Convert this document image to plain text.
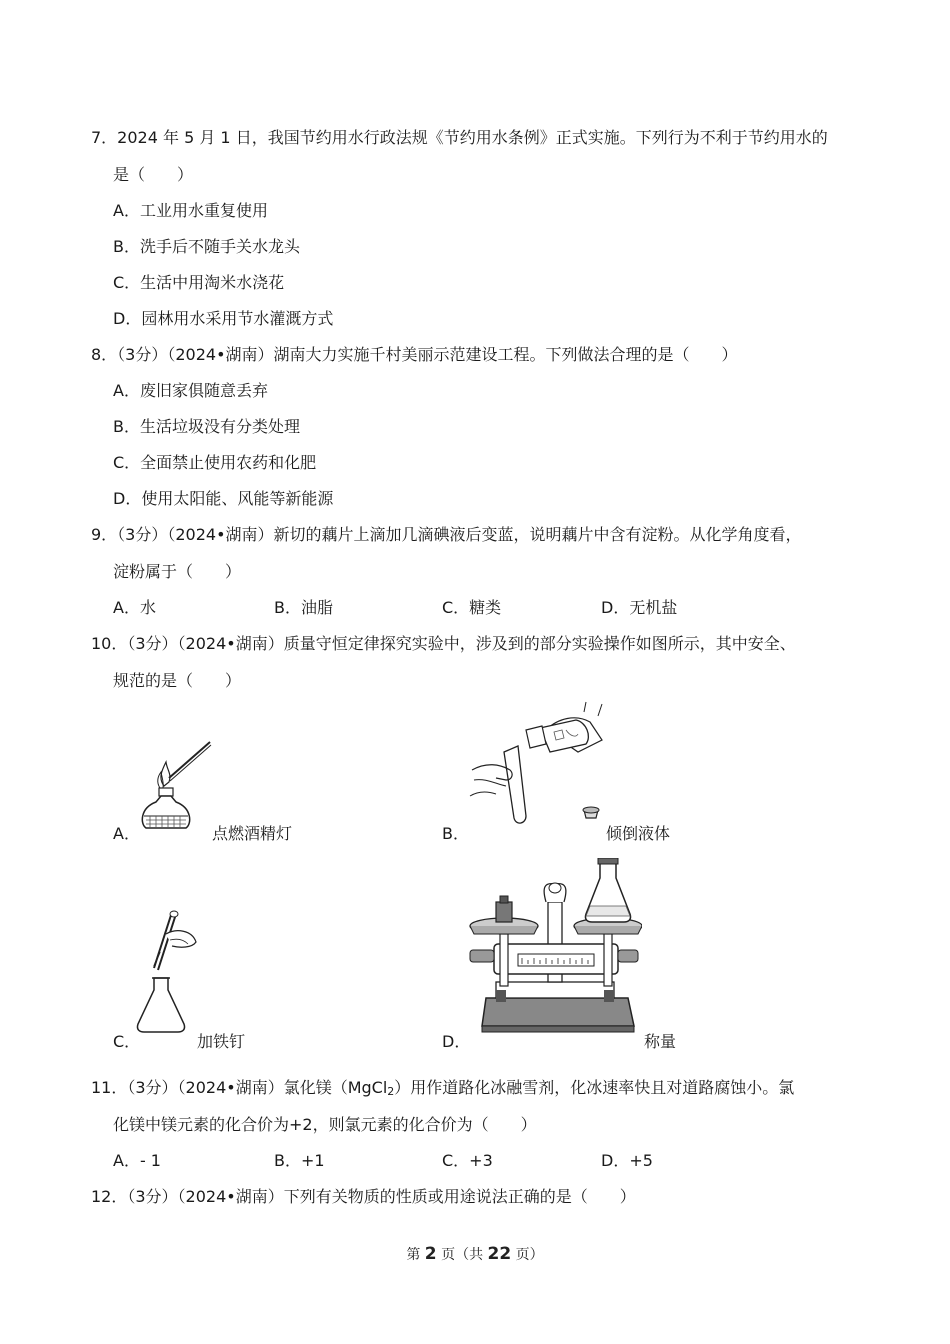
7．2024 年 5 月 1 日，我国节约用水行政法规《节约用水条例》正式实施。下列行为不利于节约用水的
是（　　）
A．工业用水重复使用
B．洗手后不随手关水龙头
C．生活中用淘米水浇花
D．园林用水采用节水灌溉方式
8．（3分）（2024•湖南）湖南大力实施千村美丽示范建设工程。下列做法合理的是（　　）
A．废旧家俱随意丢弃
B．生活垃圾没有分类处理
C．全面禁止使用农药和化肥
D．使用太阳能、风能等新能源
9．（3分）（2024•湖南）新切的藕片上滴加几滴碘液后变蓝，说明藕片中含有淀粉。从化学角度看，
淀粉属于（　　）
A．水	B．油脂	C．糖类	D．无机盐
10．（3分）（2024•湖南）质量守恒定律探究实验中，涉及到的部分实验操作如图所示，其中安全、
规范的是（　　）
A．	点燃酒精灯	B．	倾倒液体
C．	加铁钉	D．	称量
11．（3分）（2024•湖南）氯化镁（MgCl2）用作道路化冰融雪剂，化冰速率快且对道路腐蚀小。氯
化镁中镁元素的化合价为+2，则氯元素的化合价为（　　）
A．- 1	B．+1	C．+3	D．+5
12．（3分）（2024•湖南）下列有关物质的性质或用途说法正确的是（　　）
第 2 页（共 22 页）
